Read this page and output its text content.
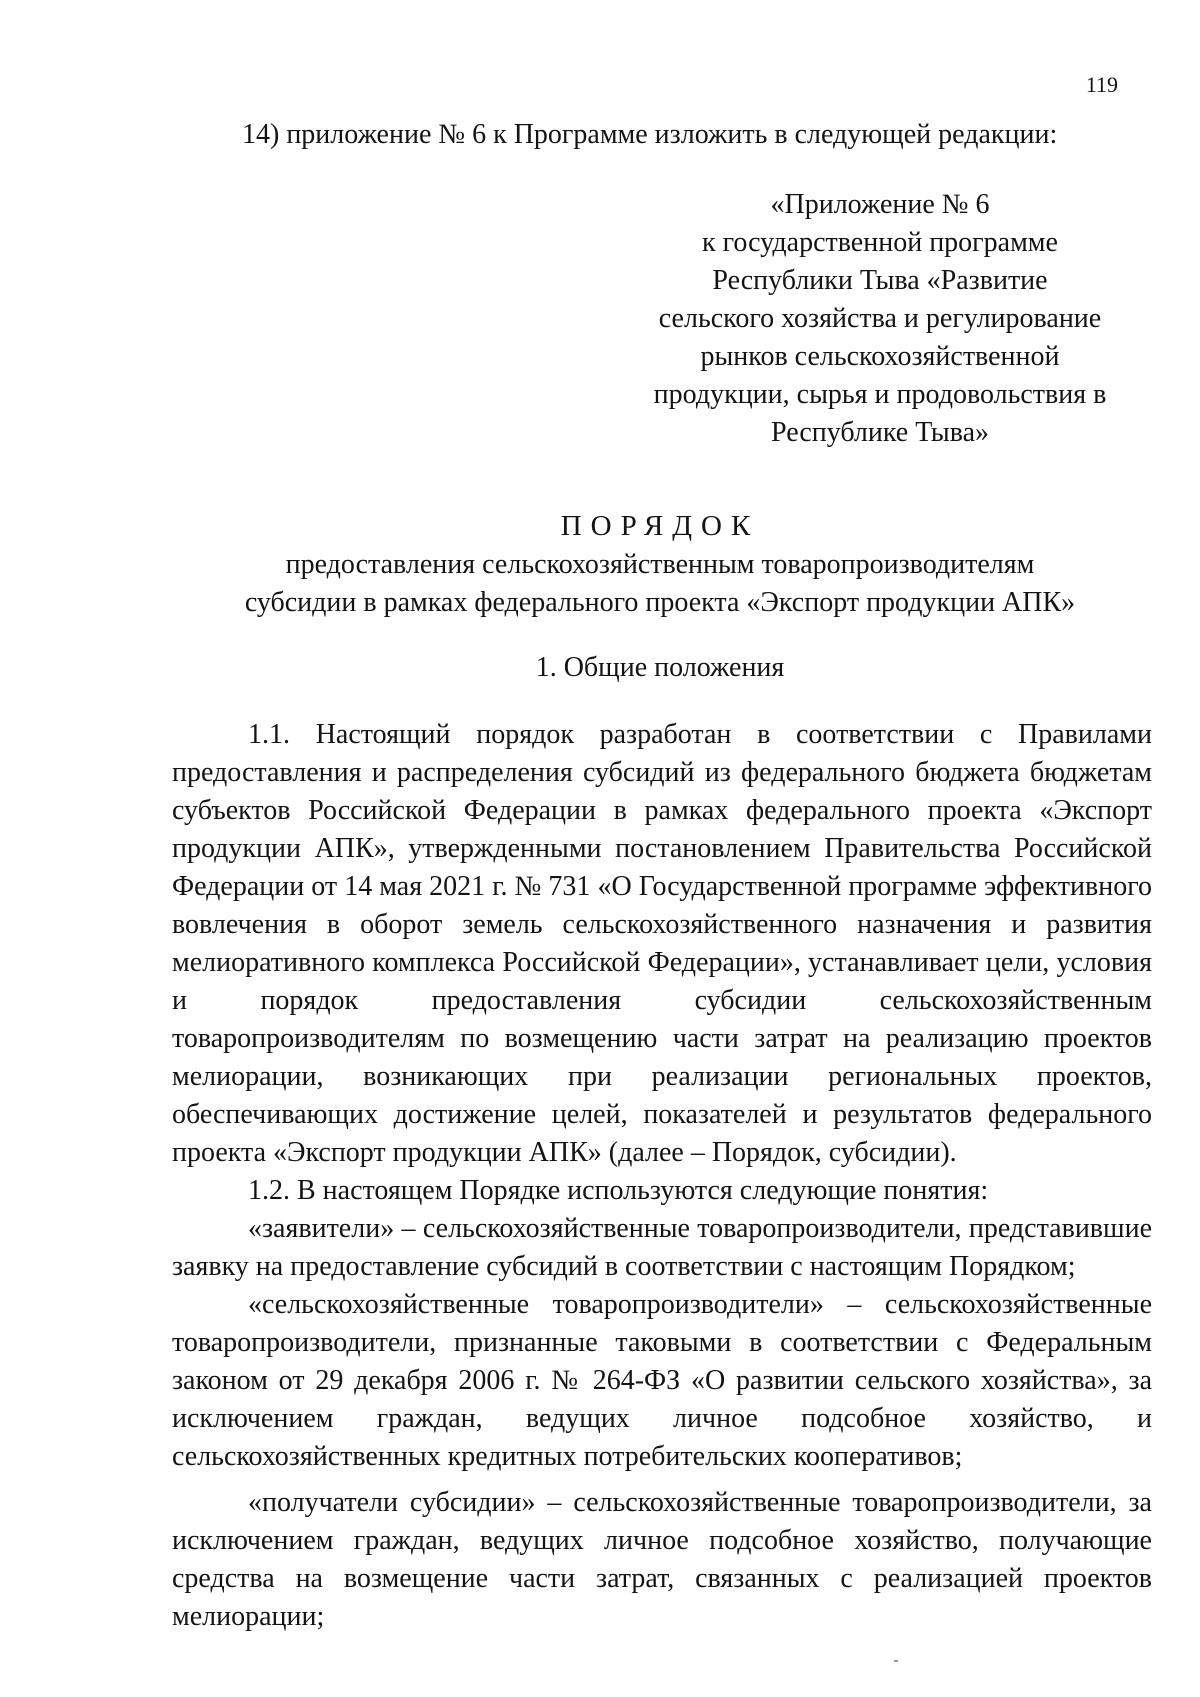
119
14) приложение № 6 к Программе изложить в следующей редакции:
«Приложение № 6
к государственной программе
Республики Тыва «Развитие
сельского хозяйства и регулирование
рынков сельскохозяйственной
продукции, сырья и продовольствия в
Республике Тыва»
ПОРЯДОК
предоставления сельскохозяйственным товаропроизводителям
субсидии в рамках федерального проекта «Экспорт продукции АПК»
1. Общие положения

1.1. Настоящий порядок разработан в соответствии с Правилами предоставления и распределения субсидий из федерального бюджета бюджетам субъектов Российской Федерации в рамках федерального проекта «Экспорт продукции АПК», утвержденными постановлением Правительства Российской Федерации от 14 мая 2021 г. № 731 «О Государственной программе эффективного вовлечения в оборот земель сельскохозяйственного назначения и развития мелиоративного комплекса Российской Федерации», устанавливает цели, условия и порядок предоставления субсидии сельскохозяйственным товаропроизводителям по возмещению части затрат на реализацию проектов мелиорации, возникающих при реализации региональных проектов, обеспечивающих достижение целей, показателей и результатов федерального проекта «Экспорт продукции АПК» (далее – Порядок, субсидии).

1.2. В настоящем Порядке используются следующие понятия:

«заявители» – сельскохозяйственные товаропроизводители, представившие заявку на предоставление субсидий в соответствии с настоящим Порядком;

«сельскохозяйственные товаропроизводители» – сельскохозяйственные товаропроизводители, признанные таковыми в соответствии с Федеральным законом от 29 декабря 2006 г. № 264-ФЗ «О развитии сельского хозяйства», за исключением граждан, ведущих личное подсобное хозяйство, и сельскохозяйственных кредитных потребительских кооперативов;

«получатели субсидии» – сельскохозяйственные товаропроизводители, за исключением граждан, ведущих личное подсобное хозяйство, получающие средства на возмещение части затрат, связанных с реализацией проектов мелиорации;
